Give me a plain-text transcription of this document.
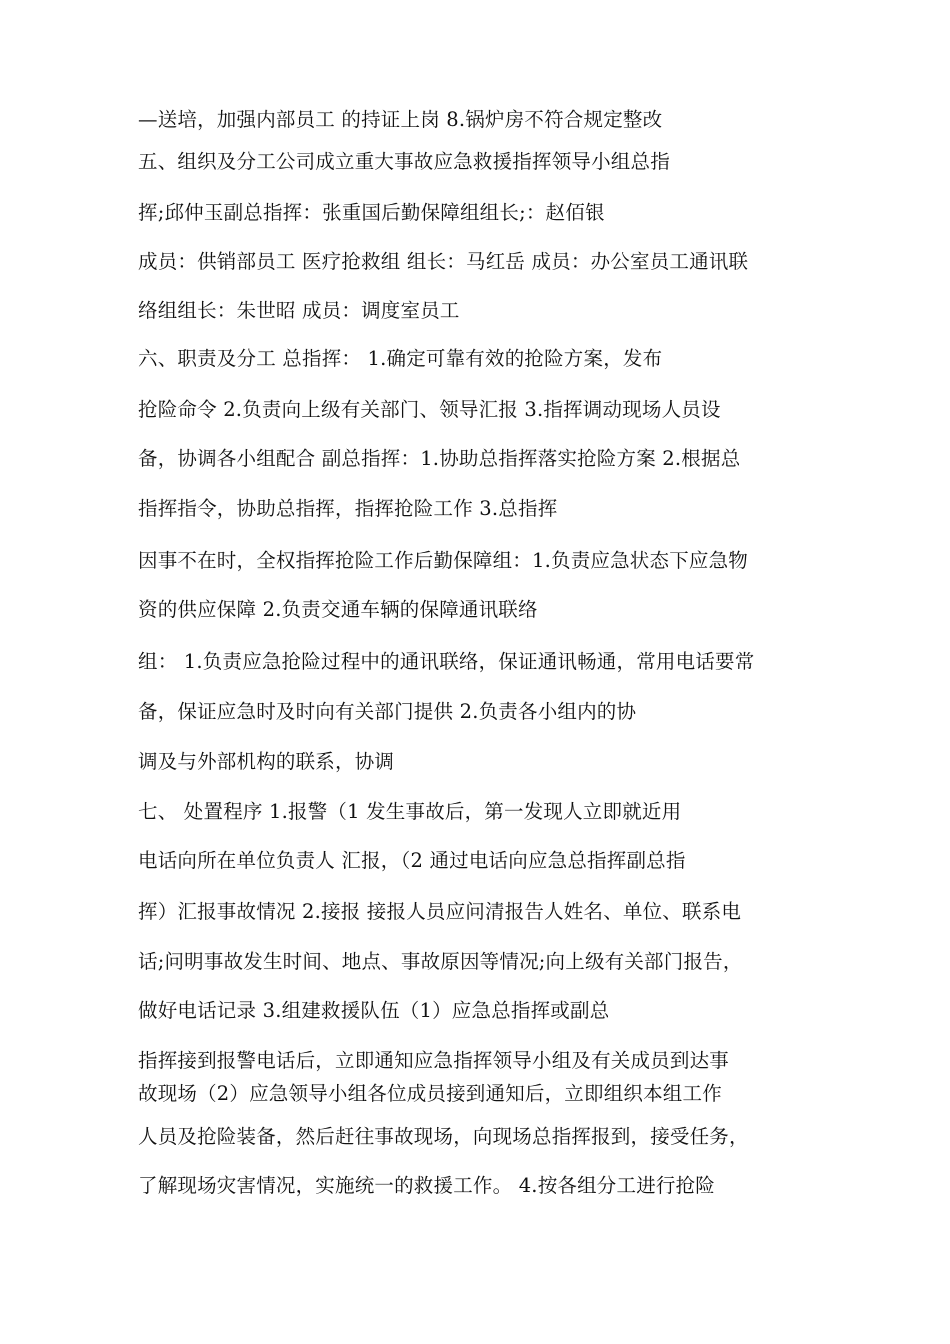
—送培，加强内部员工 的持证上岗 8.锅炉房不符合规定整改
五、组织及分工公司成立重大事故应急救援指挥领导小组总指
挥;邱仲玉副总指挥：张重国后勤保障组组长;：赵佰银
成员：供销部员工 医疗抢救组 组长：马红岳 成员：办公室员工通讯联
络组组长：朱世昭 成员：调度室员工
六、职责及分工 总指挥： 1.确定可靠有效的抢险方案，发布
抢险命令 2.负责向上级有关部门、领导汇报 3.指挥调动现场人员设
备，协调各小组配合 副总指挥：1.协助总指挥落实抢险方案 2.根据总
指挥指令，协助总指挥，指挥抢险工作 3.总指挥
因事不在时，全权指挥抢险工作后勤保障组：1.负责应急状态下应急物
资的供应保障 2.负责交通车辆的保障通讯联络
组： 1.负责应急抢险过程中的通讯联络，保证通讯畅通，常用电话要常
备，保证应急时及时向有关部门提供 2.负责各小组内的协
调及与外部机构的联系，协调
七、 处置程序 1.报警（1 发生事故后，第一发现人立即就近用
电话向所在单位负责人 汇报，（2 通过电话向应急总指挥副总指
挥）汇报事故情况 2.接报 接报人员应问清报告人姓名、单位、联系电
话;问明事故发生时间、地点、事故原因等情况;向上级有关部门报告，
做好电话记录 3.组建救援队伍（1）应急总指挥或副总
指挥接到报警电话后，立即通知应急指挥领导小组及有关成员到达事
故现场（2）应急领导小组各位成员接到通知后，立即组织本组工作
人员及抢险装备，然后赶往事故现场，向现场总指挥报到，接受任务，
了解现场灾害情况，实施统一的救援工作。 4.按各组分工进行抢险
